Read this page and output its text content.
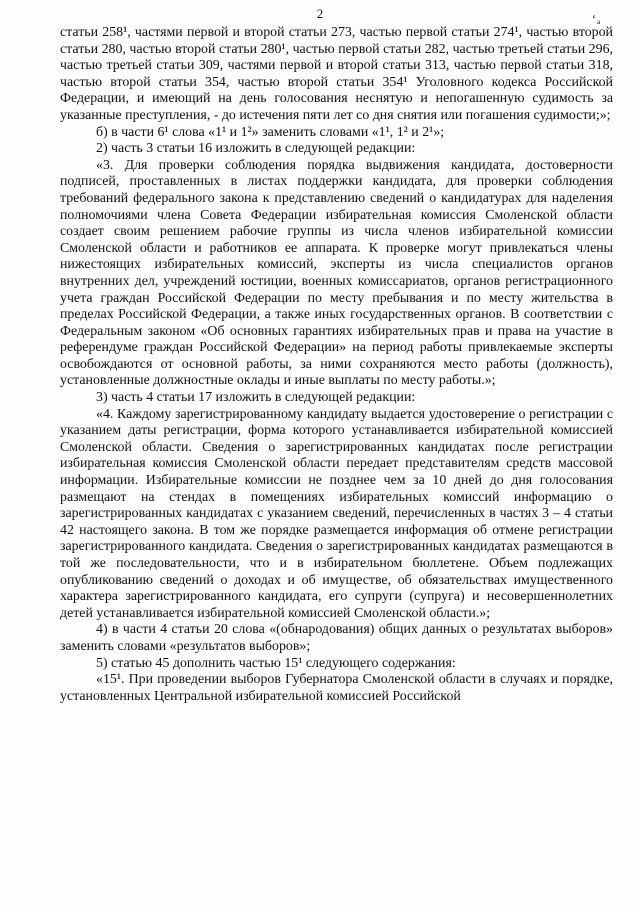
2	‘ₐ

статьи 258¹, частями первой и второй статьи 273, частью первой статьи 274¹, частью второй статьи 280, частью второй статьи 280¹, частью первой статьи 282, частью третьей статьи 296, частью третьей статьи 309, частями первой и второй статьи 313, частью первой статьи 318, частью второй статьи 354, частью второй статьи 354¹ Уголовного кодекса Российской Федерации, и имеющий на день голосования неснятую и непогашенную судимость за указанные преступления, - до истечения пяти лет со дня снятия или погашения судимости;»;

б) в части 6¹ слова «1¹ и 1²» заменить словами «1¹, 1² и 2¹»;

2) часть 3 статьи 16 изложить в следующей редакции:

«3. Для проверки соблюдения порядка выдвижения кандидата, достоверности подписей, проставленных в листах поддержки кандидата, для проверки соблюдения требований федерального закона к представлению сведений о кандидатурах для наделения полномочиями члена Совета Федерации избирательная комиссия Смоленской области создает своим решением рабочие группы из числа членов избирательной комиссии Смоленской области и работников ее аппарата. К проверке могут привлекаться члены нижестоящих избирательных комиссий, эксперты из числа специалистов органов внутренних дел, учреждений юстиции, военных комиссариатов, органов регистрационного учета граждан Российской Федерации по месту пребывания и по месту жительства в пределах Российской Федерации, а также иных государственных органов. В соответствии с Федеральным законом «Об основных гарантиях избирательных прав и права на участие в референдуме граждан Российской Федерации» на период работы привлекаемые эксперты освобождаются от основной работы, за ними сохраняются место работы (должность), установленные должностные оклады и иные выплаты по месту работы.»;

3) часть 4 статьи 17 изложить в следующей редакции:

«4. Каждому зарегистрированному кандидату выдается удостоверение о регистрации с указанием даты регистрации, форма которого устанавливается избирательной комиссией Смоленской области. Сведения о зарегистрированных кандидатах после регистрации избирательная комиссия Смоленской области передает представителям средств массовой информации. Избирательные комиссии не позднее чем за 10 дней до дня голосования размещают на стендах в помещениях избирательных комиссий информацию о зарегистрированных кандидатах с указанием сведений, перечисленных в частях 3 – 4 статьи 42 настоящего закона. В том же порядке размещается информация об отмене регистрации зарегистрированного кандидата. Сведения о зарегистрированных кандидатах размещаются в той же последовательности, что и в избирательном бюллетене. Объем подлежащих опубликованию сведений о доходах и об имуществе, об обязательствах имущественного характера зарегистрированного кандидата, его супруги (супруга) и несовершеннолетних детей устанавливается избирательной комиссией Смоленской области.»;

4) в части 4 статьи 20 слова «(обнародования) общих данных о результатах выборов» заменить словами «результатов выборов»;

5) статью 45 дополнить частью 15¹ следующего содержания:

«15¹. При проведении выборов Губернатора Смоленской области в случаях и порядке, установленных Центральной избирательной комиссией Российской
